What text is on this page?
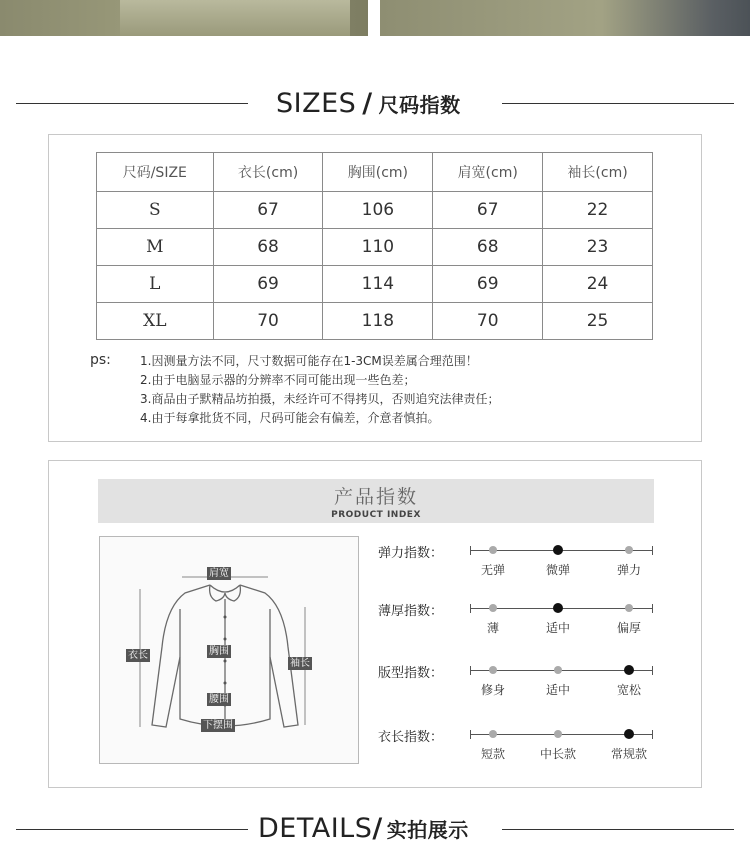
SIZES / 尺码指数
尺码/SIZE	衣长(cm)	胸围(cm)	肩宽(cm)	袖长(cm)
S	67	106	67	22
M	68	110	68	23
L	69	114	69	24
XL	70	118	70	25
ps: 1.因测量方法不同，尺寸数据可能存在1-3CM误差属合理范围！
2.由于电脑显示器的分辨率不同可能出现一些色差；
3.商品由子默精品坊拍摄，未经许可不得拷贝，否则追究法律责任；
4.由于每拿批货不同，尺码可能会有偏差，介意者慎拍。
产品指数
PRODUCT INDEX
肩宽
衣长	胸围
袖长
腰围
下摆围
弹力指数：
无弹	微弹	弹力
薄厚指数：
薄	适中	偏厚
版型指数：
修身	适中	宽松
衣长指数：
短款	中长款	常规款
DETAILS/ 实拍展示
